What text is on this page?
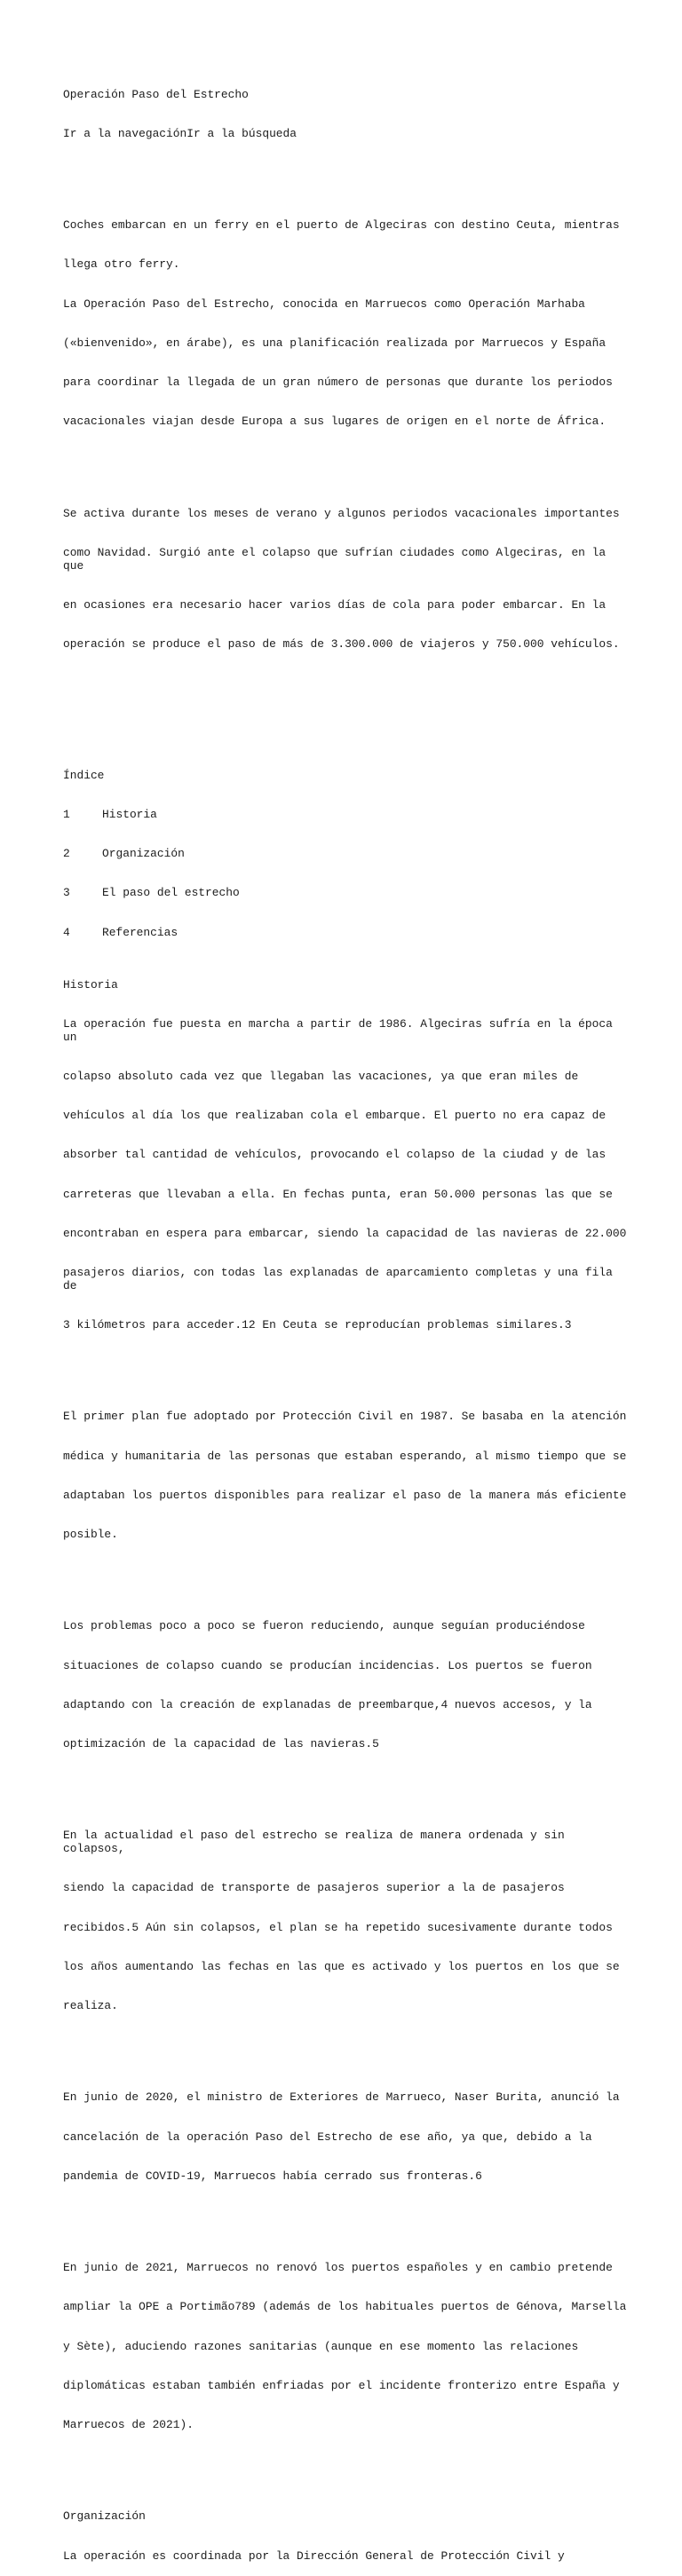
Operación Paso del Estrecho

Ir a la navegaciónIr a la búsqueda

Coches embarcan en un ferry en el puerto de Algeciras con destino Ceuta, mientras

llega otro ferry.

La Operación Paso del Estrecho, conocida en Marruecos como Operación Marhaba

(«bienvenido», en árabe), es una planificación realizada por Marruecos y España

para coordinar la llegada de un gran número de personas que durante los periodos

vacacionales viajan desde Europa a sus lugares de origen en el norte de África.

Se activa durante los meses de verano y algunos periodos vacacionales importantes

como Navidad. Surgió ante el colapso que sufrían ciudades como Algeciras, en la que

en ocasiones era necesario hacer varios días de cola para poder embarcar. En la

operación se produce el paso de más de 3.300.000 de viajeros y 750.000 vehículos.

Índice

1	Historia

2	Organización

3	El paso del estrecho

4	Referencias

Historia

La operación fue puesta en marcha a partir de 1986. Algeciras sufría en la época un

colapso absoluto cada vez que llegaban las vacaciones, ya que eran miles de

vehículos al día los que realizaban cola el embarque. El puerto no era capaz de

absorber tal cantidad de vehículos, provocando el colapso de la ciudad y de las

carreteras que llevaban a ella. En fechas punta, eran 50.000 personas las que se

encontraban en espera para embarcar, siendo la capacidad de las navieras de 22.000

pasajeros diarios, con todas las explanadas de aparcamiento completas y una fila de

3 kilómetros para acceder.12 En Ceuta se reproducían problemas similares.3

El primer plan fue adoptado por Protección Civil en 1987. Se basaba en la atención

médica y humanitaria de las personas que estaban esperando, al mismo tiempo que se

adaptaban los puertos disponibles para realizar el paso de la manera más eficiente

posible.

Los problemas poco a poco se fueron reduciendo, aunque seguían produciéndose

situaciones de colapso cuando se producían incidencias. Los puertos se fueron

adaptando con la creación de explanadas de preembarque,4 nuevos accesos, y la

optimización de la capacidad de las navieras.5

En la actualidad el paso del estrecho se realiza de manera ordenada y sin colapsos,

siendo la capacidad de transporte de pasajeros superior a la de pasajeros

recibidos.5 Aún sin colapsos, el plan se ha repetido sucesivamente durante todos

los años aumentando las fechas en las que es activado y los puertos en los que se

realiza.

En junio de 2020, el ministro de Exteriores de Marrueco, Naser Burita, anunció la

cancelación de la operación Paso del Estrecho de ese año, ya que, debido a la

pandemia de COVID-19, Marruecos había cerrado sus fronteras.6

En junio de 2021, Marruecos no renovó los puertos españoles y en cambio pretende

ampliar la OPE a Portimão789 (además de los habituales puertos de Génova, Marsella

y Sète), aduciendo razones sanitarias (aunque en ese momento las relaciones

diplomáticas estaban también enfriadas por el incidente fronterizo entre España y

Marruecos de 2021).

Organización

La operación es coordinada por la Dirección General de Protección Civil y
